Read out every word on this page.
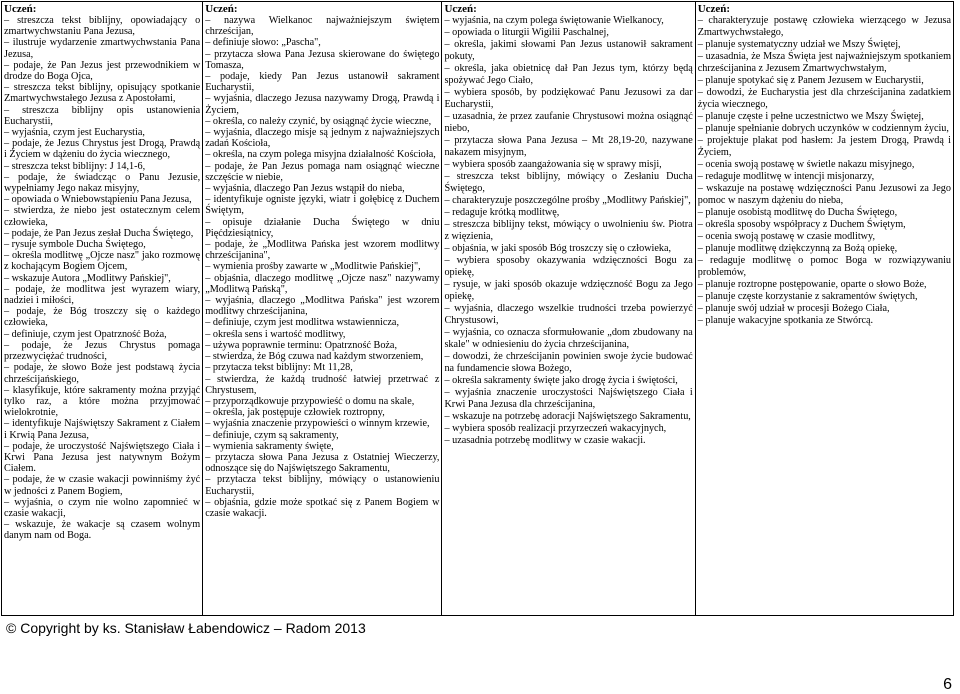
Uczeń:
– streszcza tekst biblijny, opowiadający o zmartwychwstaniu Pana Jezusa,
– ilustruje wydarzenie zmartwychwstania Pana Jezusa,
– podaje, że Pan Jezus jest przewodnikiem w drodze do Boga Ojca,
– streszcza tekst biblijny, opisujący spotkanie Zmartwychwstałego Jezusa z Apostołami,
– streszcza biblijny opis ustanowienia Eucharystii,
– wyjaśnia, czym jest Eucharystia,
– podaje, że Jezus Chrystus jest Drogą, Prawdą i Życiem w dążeniu do życia wiecznego,
– streszcza tekst biblijny: J 14,1-6,
– podaje, że świadcząc o Panu Jezusie, wypełniamy Jego nakaz misyjny,
– opowiada o Wniebowstąpieniu Pana Jezusa,
– stwierdza, że niebo jest ostatecznym celem człowieka,
– podaje, że Pan Jezus zesłał Ducha Świętego,
– rysuje symbole Ducha Świętego,
– określa modlitwę „Ojcze nasz" jako rozmowę z kochającym Bogiem Ojcem,
– wskazuje Autora „Modlitwy Pańskiej",
– podaje, że modlitwa jest wyrazem wiary, nadziei i miłości,
– podaje, że Bóg troszczy się o każdego człowieka,
– definiuje, czym jest Opatrzność Boża,
– podaje, że Jezus Chrystus pomaga przezwyciężać trudności,
– podaje, że słowo Boże jest podstawą życia chrześcijańskiego,
– klasyfikuje, które sakramenty można przyjąć tylko raz, a które można przyjmować wielokrotnie,
– identyfikuje Najświętszy Sakrament z Ciałem i Krwią Pana Jezusa,
– podaje, że uroczystość Najświętszego Ciała i Krwi Pana Jezusa jest natywnym Bożym Ciałem.
– podaje, że w czasie wakacji powinniśmy żyć w jedności z Panem Bogiem,
– wyjaśnia, o czym nie wolno zapomnieć w czasie wakacji,
– wskazuje, że wakacje są czasem wolnym danym nam od Boga.

Uczeń:
– nazywa Wielkanoc najważniejszym świętem chrześcijan,
– definiuje słowo: „Pascha",
– przytacza słowa Pana Jezusa skierowane do świętego Tomasza,
– podaje, kiedy Pan Jezus ustanowił sakrament Eucharystii,
– wyjaśnia, dlaczego Jezusa nazywamy Drogą, Prawdą i Życiem,
– określa, co należy czynić, by osiągnąć życie wieczne,
– wyjaśnia, dlaczego misje są jednym z najważniejszych zadań Kościoła,
– określa, na czym polega misyjna działalność Kościoła,
– podaje, że Pan Jezus pomaga nam osiągnąć wieczne szczęście w niebie,
– wyjaśnia, dlaczego Pan Jezus wstąpił do nieba,
– identyfikuje ogniste języki, wiatr i gołębicę z Duchem Świętym,
– opisuje działanie Ducha Świętego w dniu Pięćdziesiątnicy,
– podaje, że „Modlitwa Pańska jest wzorem modlitwy chrześcijanina",
– wymienia prośby zawarte w „Modlitwie Pańskiej",
– objaśnia, dlaczego modlitwę „Ojcze nasz" nazywamy „Modlitwą Pańską",
– wyjaśnia, dlaczego „Modlitwa Pańska" jest wzorem modlitwy chrześcijanina,
– definiuje, czym jest modlitwa wstawiennicza,
– określa sens i wartość modlitwy,
– używa poprawnie terminu: Opatrzność Boża,
– stwierdza, że Bóg czuwa nad każdym stworzeniem,
– przytacza tekst biblijny: Mt 11,28,
– stwierdza, że każdą trudność łatwiej przetrwać z Chrystusem,
– przyporządkowuje przypowieść o domu na skale,
– określa, jak postępuje człowiek roztropny,
– wyjaśnia znaczenie przypowieści o winnym krzewie,
– definiuje, czym są sakramenty,
– wymienia sakramenty święte,
– przytacza słowa Pana Jezusa z Ostatniej Wieczerzy, odnoszące się do Najświętszego Sakramentu,
– przytacza tekst biblijny, mówiący o ustanowieniu Eucharystii,
– objaśnia, gdzie może spotkać się z Panem Bogiem w czasie wakacji.

Uczeń:
– wyjaśnia, na czym polega świętowanie Wielkanocy,
– opowiada o liturgii Wigilii Paschalnej,
– określa, jakimi słowami Pan Jezus ustanowił sakrament pokuty,
– określa, jaka obietnicę dał Pan Jezus tym, którzy będą spożywać Jego Ciało,
– wybiera sposób, by podziękować Panu Jezusowi za dar Eucharystii,
– uzasadnia, że przez zaufanie Chrystusowi można osiągnąć niebo,
– przytacza słowa Pana Jezusa – Mt 28,19-20, nazywane nakazem misyjnym,
– wybiera sposób zaangażowania się w sprawy misji,
– streszcza tekst biblijny, mówiący o Zesłaniu Ducha Świętego,
– charakteryzuje poszczególne prośby „Modlitwy Pańskiej",
– redaguje krótką modlitwę,
– streszcza biblijny tekst, mówiący o uwolnieniu św. Piotra z więzienia,
– objaśnia, w jaki sposób Bóg troszczy się o człowieka,
– wybiera sposoby okazywania wdzięczności Bogu za opiekę,
– rysuje, w jaki sposób okazuje wdzięczność Bogu za Jego opiekę,
– wyjaśnia, dlaczego wszelkie trudności trzeba powierzyć Chrystusowi,
– wyjaśnia, co oznacza sformułowanie „dom zbudowany na skale" w odniesieniu do życia chrześcijanina,
– dowodzi, że chrześcijanin powinien swoje życie budować na fundamencie słowa Bożego,
– określa sakramenty święte jako drogę życia i świętości,
– wyjaśnia znaczenie uroczystości Najświętszego Ciała i Krwi Pana Jezusa dla chrześcijanina,
– wskazuje na potrzebę adoracji Najświętszego Sakramentu,
– wybiera sposób realizacji przyrzeczeń wakacyjnych,
– uzasadnia potrzebę modlitwy w czasie wakacji.

Uczeń:
– charakteryzuje postawę człowieka wierzącego w Jezusa Zmartwychwstałego,
– planuje systematyczny udział we Mszy Świętej,
– uzasadnia, że Msza Święta jest najważniejszym spotkaniem chrześcijanina z Jezusem Zmartwychwstałym,
– planuje spotykać się z Panem Jezusem w Eucharystii,
– dowodzi, że Eucharystia jest dla chrześcijanina zadatkiem życia wiecznego,
– planuje częste i pełne uczestnictwo we Mszy Świętej,
– planuje spełnianie dobrych uczynków w codziennym życiu,
– projektuje plakat pod hasłem: Ja jestem Drogą, Prawdą i Życiem,
– ocenia swoją postawę w świetle nakazu misyjnego,
– redaguje modlitwę w intencji misjonarzy,
– wskazuje na postawę wdzięczności Panu Jezusowi za Jego pomoc w naszym dążeniu do nieba,
– planuje osobistą modlitwę do Ducha Świętego,
– określa sposoby współpracy z Duchem Świętym,
– ocenia swoją postawę w czasie modlitwy,
– planuje modlitwę dziękczynną za Bożą opiekę,
– redaguje modlitwę o pomoc Boga w rozwiązywaniu problemów,
– planuje roztropne postępowanie, oparte o słowo Boże,
– planuje częste korzystanie z sakramentów świętych,
– planuje swój udział w procesji Bożego Ciała,
– planuje wakacyjne spotkania ze Stwórcą.
© Copyright by ks. Stanisław Łabendowicz – Radom 2013
6
